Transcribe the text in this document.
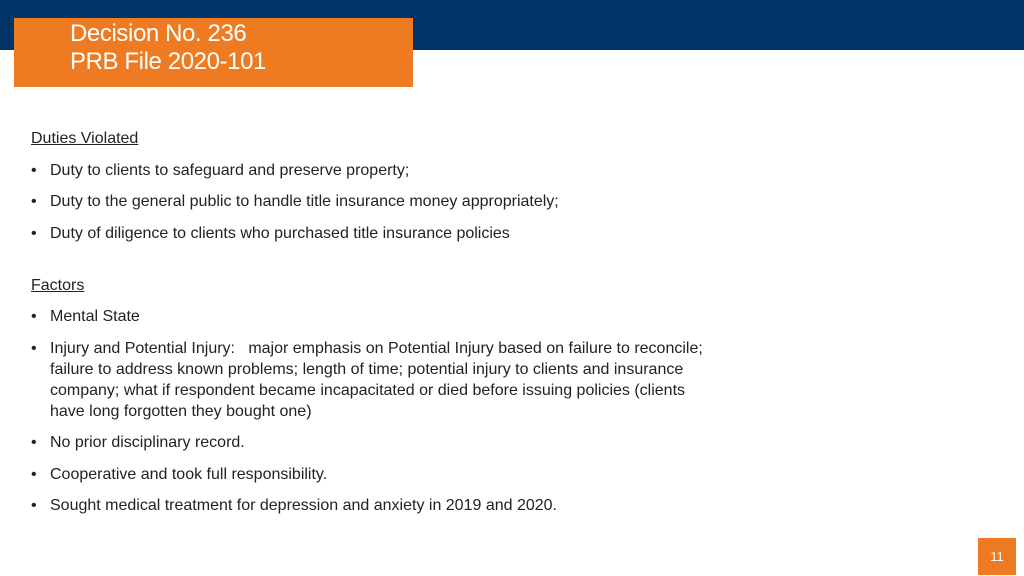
Decision No. 236
PRB File 2020-101

Duties Violated

• Duty to clients to safeguard and preserve property;
• Duty to the general public to handle title insurance money appropriately;
• Duty of diligence to clients who purchased title insurance policies

Factors

• Mental State
• Injury and Potential Injury:   major emphasis on Potential Injury based on failure to reconcile; failure to address known problems; length of time; potential injury to clients and insurance company; what if respondent became incapacitated or died before issuing policies (clients have long forgotten they bought one)
• No prior disciplinary record.
• Cooperative and took full responsibility.
• Sought medical treatment for depression and anxiety in 2019 and 2020.
11
